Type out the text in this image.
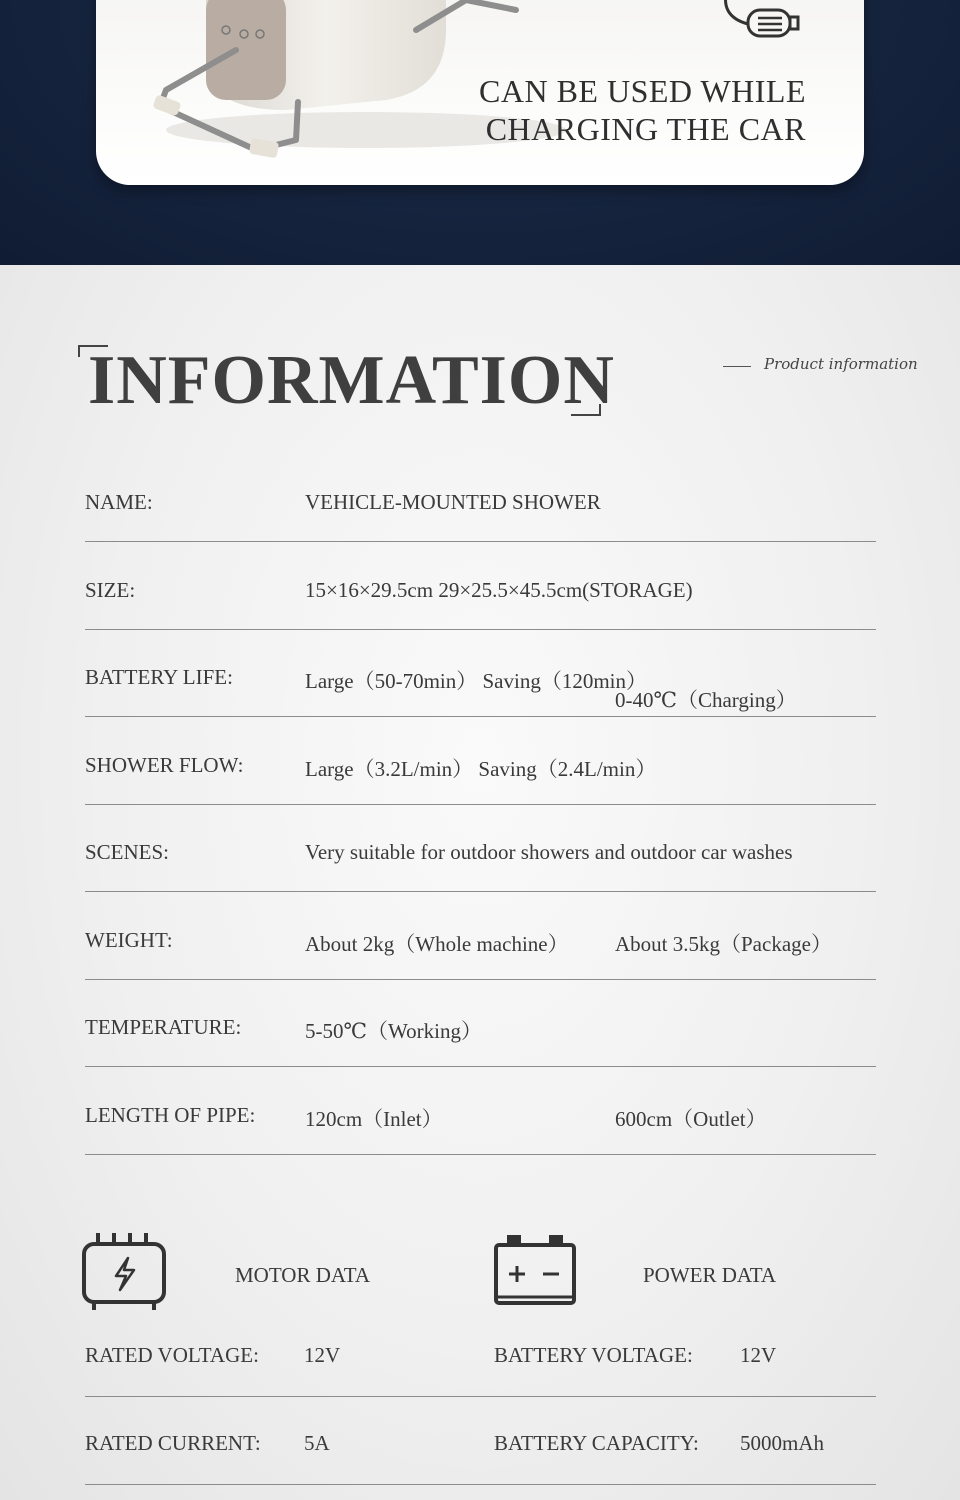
CAN BE USED WHILE
CHARGING THE CAR
INFORMATION	Product information
NAME:	VEHICLE-MOUNTED SHOWER
SIZE:	15×16×29.5cm 29×25.5×45.5cm(STORAGE)
BATTERY LIFE:	Large（50-70min） Saving（120min）
0-40℃（Charging）
SHOWER FLOW:	Large（3.2L/min） Saving（2.4L/min）
SCENES:	Very suitable for outdoor showers and outdoor car washes
WEIGHT:	About 2kg（Whole machine） About 3.5kg（Package）
TEMPERATURE:	5-50℃（Working）
LENGTH OF PIPE: 120cm（Inlet）	600cm（Outlet）
MOTOR DATA	POWER DATA
RATED VOLTAGE: 12V	BATTERY VOLTAGE: 12V
RATED CURRENT: 5A	BATTERY CAPACITY: 5000mAh
